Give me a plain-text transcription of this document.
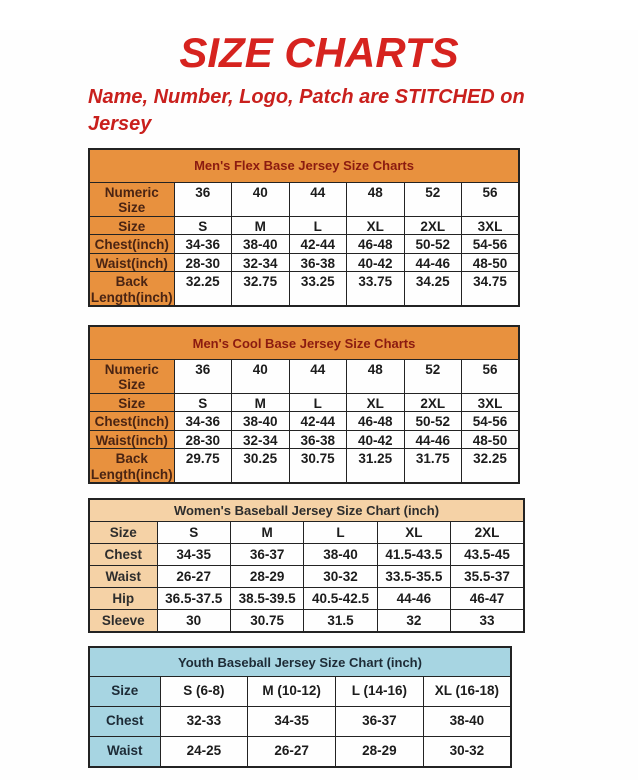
SIZE CHARTS

Name, Number, Logo, Patch are STITCHED on Jersey

Men's Flex Base Jersey Size Charts						
Numeric Size	36	40	44	48	52	56
Size	S	M	L	XL	2XL	3XL
Chest(inch)	34-36	38-40	42-44	46-48	50-52	54-56
Waist(inch)	28-30	32-34	36-38	40-42	44-46	48-50
Back Length(inch)	32.25	32.75	33.25	33.75	34.25	34.75
Men's Cool Base Jersey Size Charts						
Numeric Size	36	40	44	48	52	56
Size	S	M	L	XL	2XL	3XL
Chest(inch)	34-36	38-40	42-44	46-48	50-52	54-56
Waist(inch)	28-30	32-34	36-38	40-42	44-46	48-50
Back Length(inch)	29.75	30.25	30.75	31.25	31.75	32.25
Women's Baseball Jersey Size Chart (inch)					
Size	S	M	L	XL	2XL
Chest	34-35	36-37	38-40	41.5-43.5	43.5-45
Waist	26-27	28-29	30-32	33.5-35.5	35.5-37
Hip	36.5-37.5	38.5-39.5	40.5-42.5	44-46	46-47
Sleeve	30	30.75	31.5	32	33
Youth Baseball Jersey Size Chart (inch)				
Size	S (6-8)	M (10-12)	L (14-16)	XL (16-18)
Chest	32-33	34-35	36-37	38-40
Waist	24-25	26-27	28-29	30-32
